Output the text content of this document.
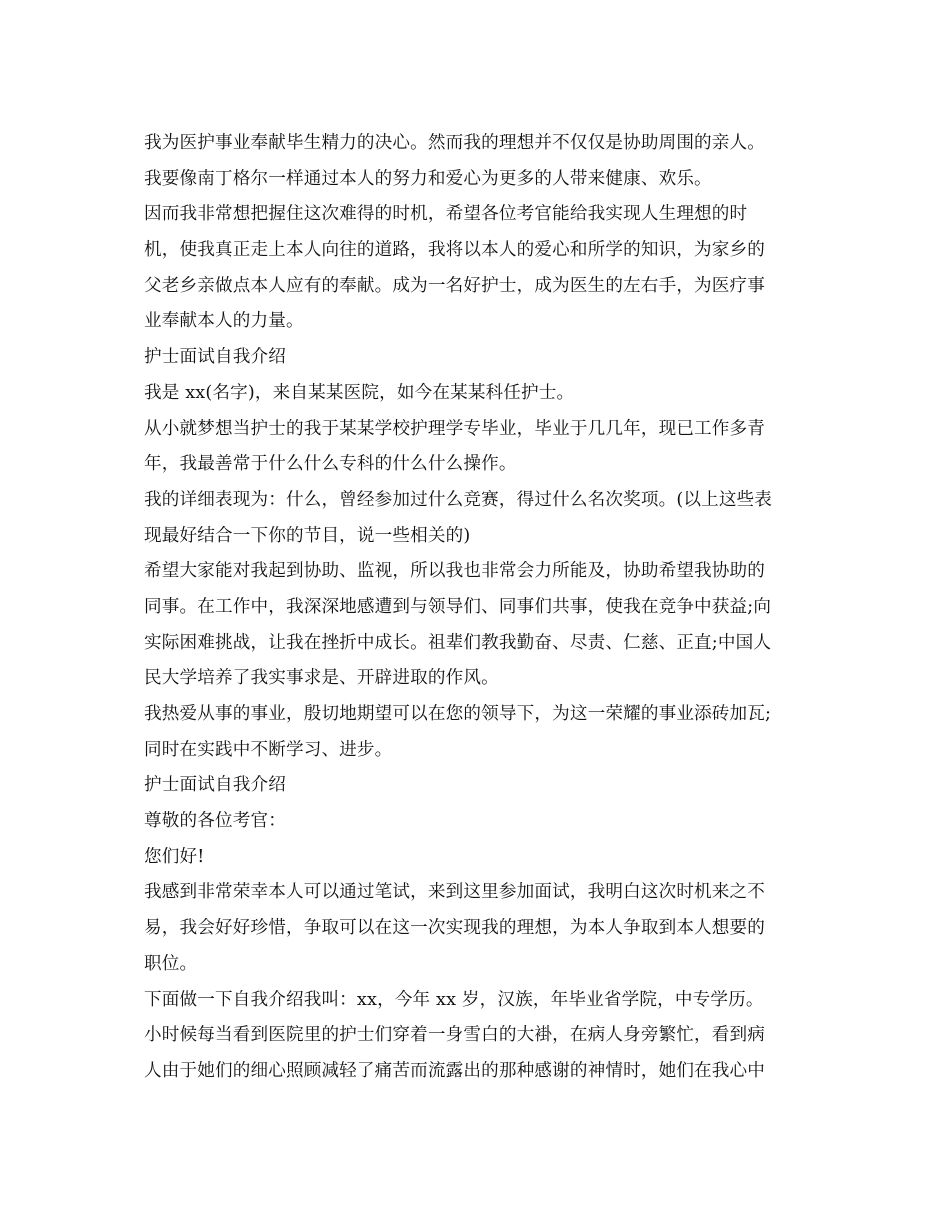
我为医护事业奉献毕生精力的决心。然而我的理想并不仅仅是协助周围的亲人。
我要像南丁格尔一样通过本人的努力和爱心为更多的人带来健康、欢乐。
因而我非常想把握住这次难得的时机，希望各位考官能给我实现人生理想的时
机，使我真正走上本人向往的道路，我将以本人的爱心和所学的知识，为家乡的
父老乡亲做点本人应有的奉献。成为一名好护士，成为医生的左右手，为医疗事
业奉献本人的力量。
护士面试自我介绍
我是 xx(名字)，来自某某医院，如今在某某科任护士。
从小就梦想当护士的我于某某学校护理学专毕业，毕业于几几年，现已工作多青
年，我最善常于什么什么专科的什么什么操作。
我的详细表现为：什么，曾经参加过什么竞赛，得过什么名次奖项。(以上这些表
现最好结合一下你的节目，说一些相关的)
希望大家能对我起到协助、监视，所以我也非常会力所能及，协助希望我协助的
同事。在工作中，我深深地感遭到与领导们、同事们共事，使我在竞争中获益;向
实际困难挑战，让我在挫折中成长。祖辈们教我勤奋、尽责、仁慈、正直;中国人
民大学培养了我实事求是、开辟进取的作风。
我热爱从事的事业，殷切地期望可以在您的领导下，为这一荣耀的事业添砖加瓦;
同时在实践中不断学习、进步。
护士面试自我介绍
尊敬的各位考官：
您们好!
我感到非常荣幸本人可以通过笔试，来到这里参加面试，我明白这次时机来之不
易，我会好好珍惜，争取可以在这一次实现我的理想，为本人争取到本人想要的
职位。
下面做一下自我介绍我叫：xx，今年 xx 岁，汉族，年毕业省学院，中专学历。
小时候每当看到医院里的护士们穿着一身雪白的大褂，在病人身旁繁忙，看到病
人由于她们的细心照顾减轻了痛苦而流露出的那种感谢的神情时，她们在我心中
